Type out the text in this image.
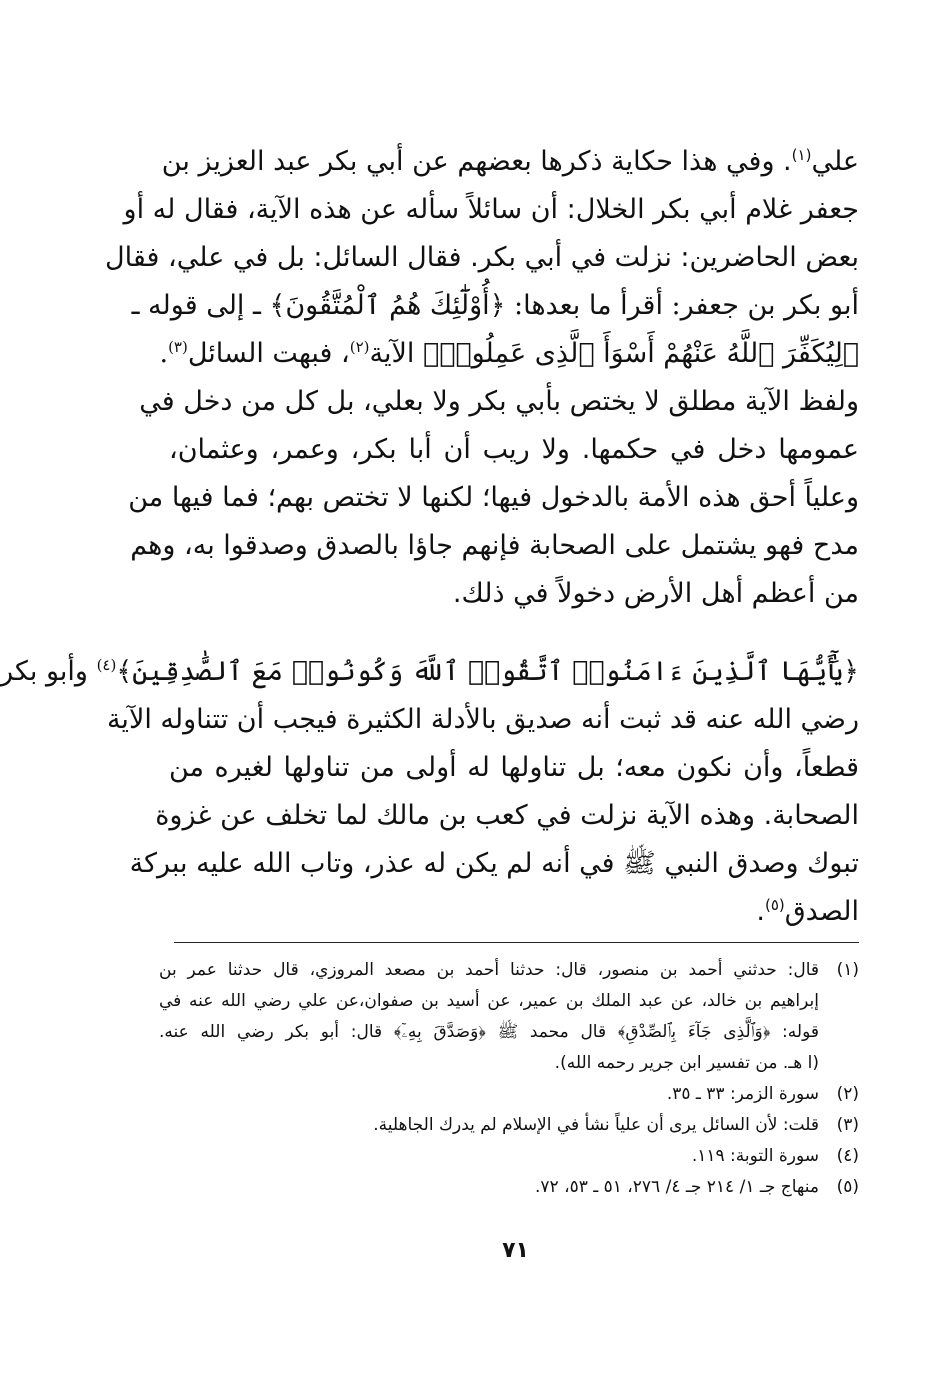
علي$^{(١)}$. وفي هذا حكاية ذكرها بعضهم عن أبي بكر عبد العزيز بن
جعفر غلام أبي بكر الخلال: أن سائلاً سأله عن هذه الآية، فقال له أو
بعض الحاضرين: نزلت في أبي بكر. فقال السائل: بل في علي، فقال
أبو بكر بن جعفر: أقرأ ما بعدها: ﴿أُوْلَٰٓئِكَ هُمُ ٱلْمُتَّقُونَ﴾ ـ إلى قوله ـ
﴿لِيُكَفِّرَ ٱللَّهُ عَنْهُمْ أَسْوَأَ ٱلَّذِى عَمِلُوا۟﴾ الآية$^{(٢)}$، فبهت السائل$^{(٣)}$.
ولفظ الآية مطلق لا يختص بأبي بكر ولا بعلي، بل كل من دخل في
عمومها دخل في حكمها. ولا ريب أن أبا بكر، وعمر، وعثمان،
وعلياً أحق هذه الأمة بالدخول فيها؛ لكنها لا تختص بهم؛ فما فيها من
مدح فهو يشتمل على الصحابة فإنهم جاؤا بالصدق وصدقوا به، وهم
من أعظم أهل الأرض دخولاً في ذلك.
﴿يَٰٓأَيُّهَا ٱلَّذِينَ ءَامَنُوا۟ ٱتَّقُوا۟ ٱللَّهَ وَكُونُوا۟ مَعَ ٱلصَّٰدِقِينَ﴾$^{(٤)}$ وأبو بكر
رضي الله عنه قد ثبت أنه صديق بالأدلة الكثيرة فيجب أن تتناوله الآية
قطعاً، وأن نكون معه؛ بل تناولها له أولى من تناولها لغيره من
الصحابة. وهذه الآية نزلت في كعب بن مالك لما تخلف عن غزوة
تبوك وصدق النبي ﷺ في أنه لم يكن له عذر، وتاب الله عليه ببركة
الصدق$^{(٥)}$.
(١)
قال: حدثني أحمد بن منصور، قال: حدثنا أحمد بن مصعد المروزي، قال حدثنا عمر بن
إبراهيم بن خالد، عن عبد الملك بن عمير، عن أسيد بن صفوان،عن علي رضي الله عنه في
قوله: ﴿وَٱلَّذِى جَآءَ بِٱلصِّدْقِ﴾ قال محمد ﷺ ﴿وَصَدَّقَ بِهِۦٓ﴾ قال: أبو بكر رضي الله عنه.
(ا هـ. من تفسير ابن جرير رحمه الله).
(٢)
سورة الزمر: ٣٣ ـ ٣٥.
(٣)
قلت: لأن السائل يرى أن علياً نشأ في الإسلام لم يدرك الجاهلية.
(٤)
سورة التوبة: ١١٩.
(٥)
منهاج جـ ١/ ٢١٤ جـ ٤/ ٢٧٦، ٥١ ـ ٥٣، ٧٢.
٧١
